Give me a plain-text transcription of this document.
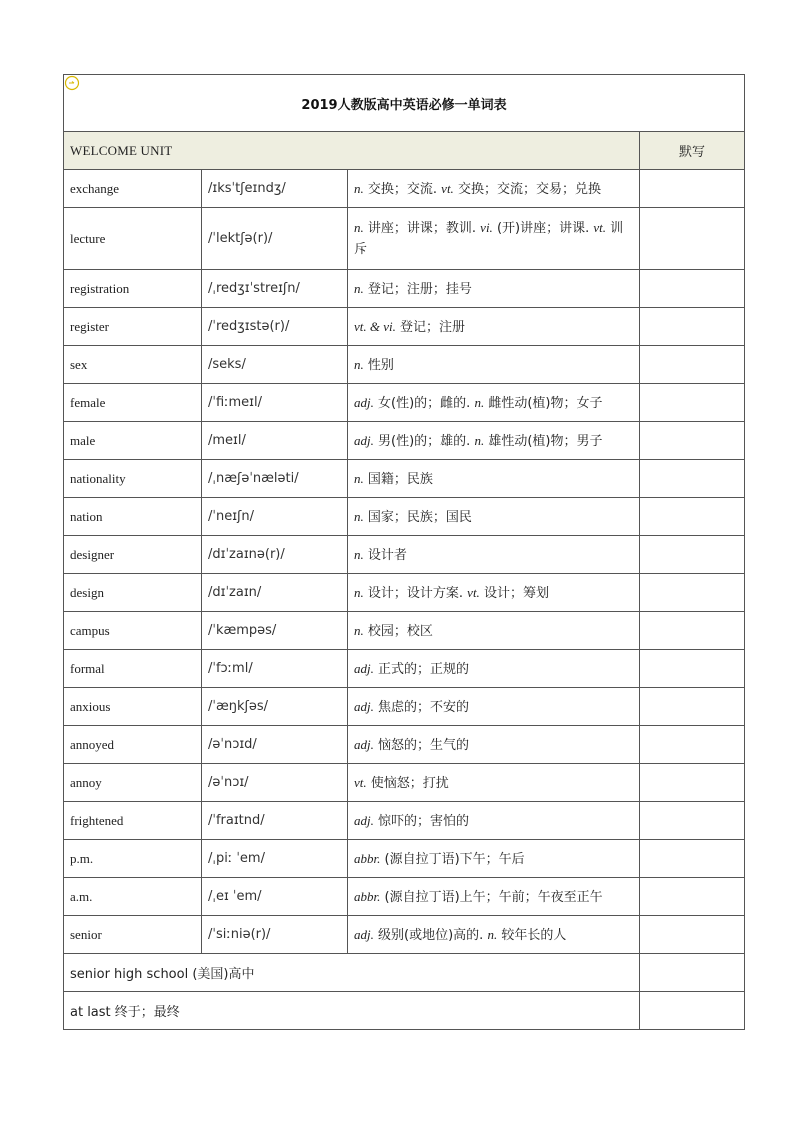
2019人教版高中英语必修一单词表			
WELCOME UNIT			默写
exchange	/ɪksˈtʃeɪndʒ/	n. 交换；交流. vt. 交换；交流；交易；兑换	
lecture	/ˈlektʃə(r)/	n. 讲座；讲课；教训. vi. (开)讲座；讲课. vt. 训斥	
registration	/ˌredʒɪˈstreɪʃn/	n. 登记；注册；挂号	
register	/ˈredʒɪstə(r)/	vt. & vi. 登记；注册	
sex	/seks/	n. 性别	
female	/ˈfiːmeɪl/	adj. 女(性)的；雌的. n. 雌性动(植)物；女子	
male	/meɪl/	adj. 男(性)的；雄的. n. 雄性动(植)物；男子	
nationality	/ˌnæʃəˈnæləti/	n. 国籍；民族	
nation	/ˈneɪʃn/	n. 国家；民族；国民	
designer	/dɪˈzaɪnə(r)/	n. 设计者	
design	/dɪˈzaɪn/	n. 设计；设计方案. vt. 设计；筹划	
campus	/ˈkæmpəs/	n. 校园；校区	
formal	/ˈfɔːml/	adj. 正式的；正规的	
anxious	/ˈæŋkʃəs/	adj. 焦虑的；不安的	
annoyed	/əˈnɔɪd/	adj. 恼怒的；生气的	
annoy	/əˈnɔɪ/	vt. 使恼怒；打扰	
frightened	/ˈfraɪtnd/	adj. 惊吓的；害怕的	
p.m.	/ˌpiː ˈem/	abbr. (源自拉丁语)下午；午后	
a.m.	/ˌeɪ ˈem/	abbr. (源自拉丁语)上午；午前；午夜至正午	
senior	/ˈsiːniə(r)/	adj. 级别(或地位)高的. n. 较年长的人	
senior high school (美国)高中			
at last 终于；最终			
